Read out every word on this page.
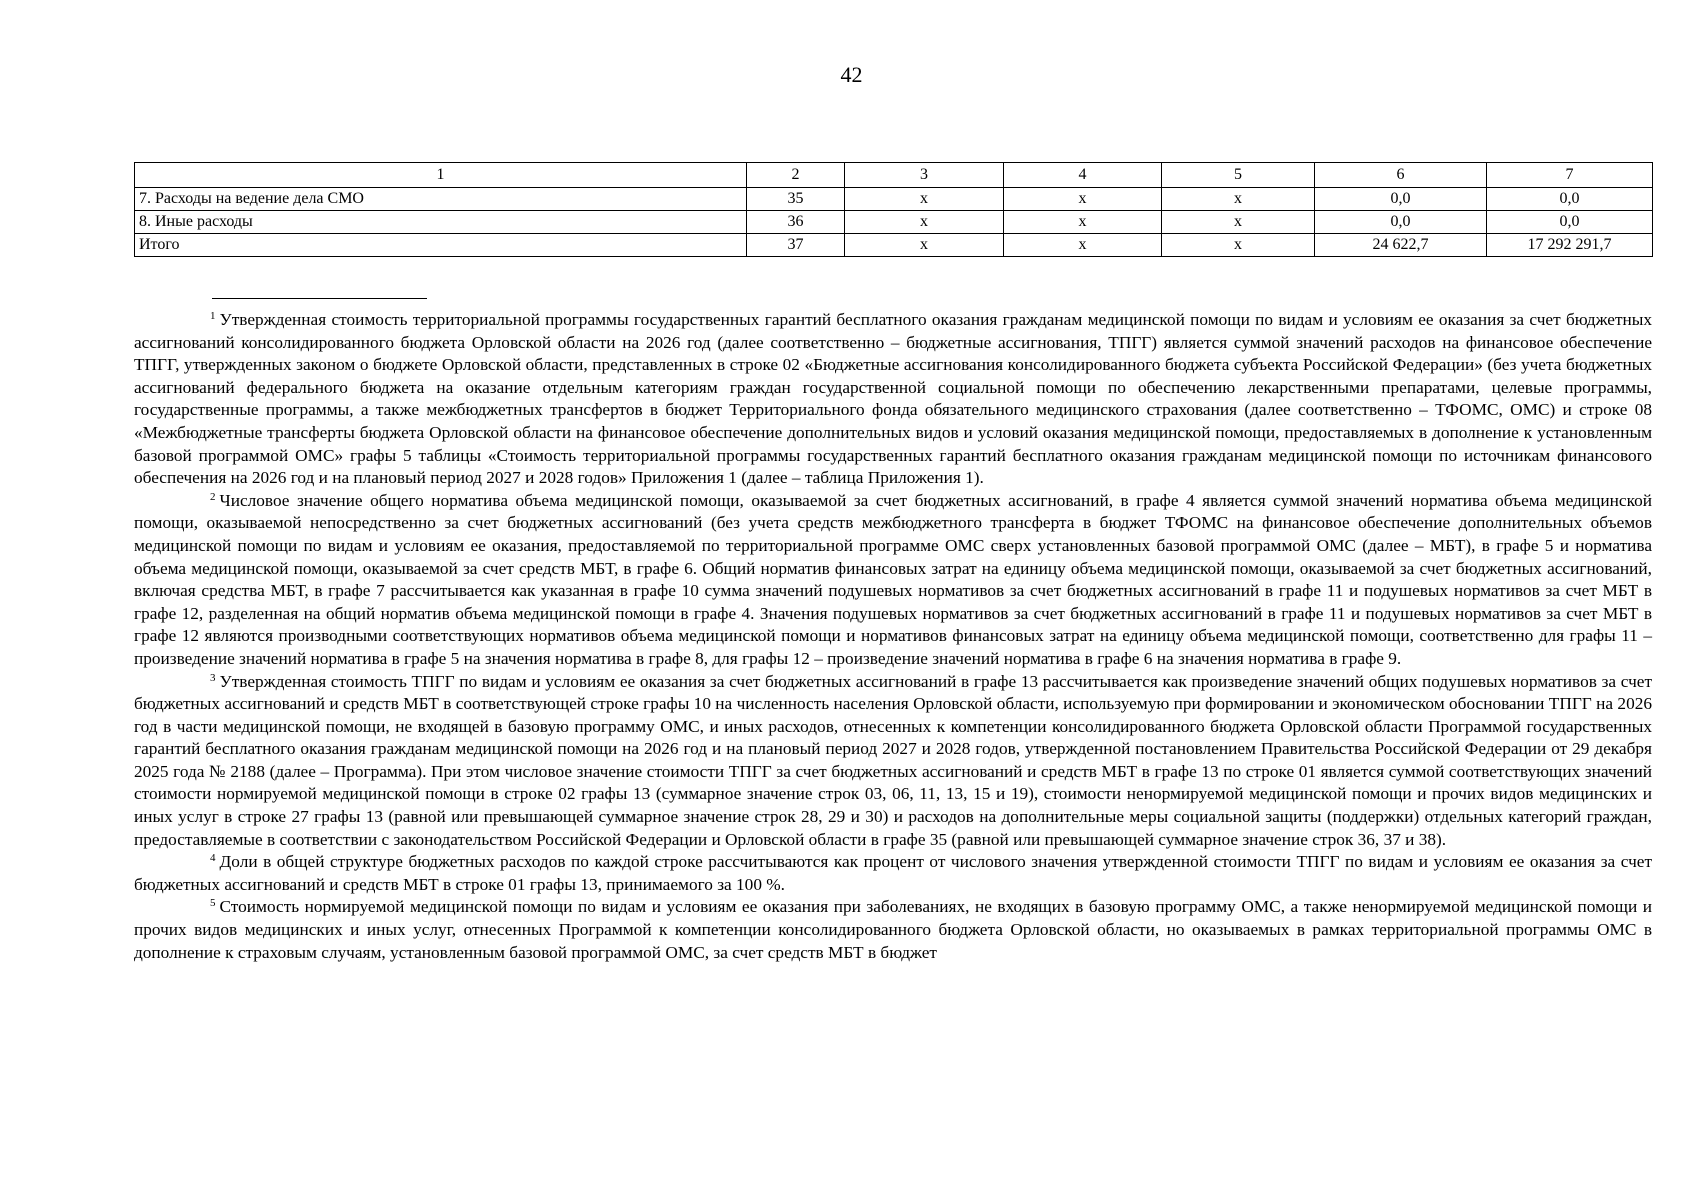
42
1	2	3	4	5	6	7
7. Расходы на ведение дела СМО	35	х	х	х	0,0	0,0
8. Иные расходы	36	х	х	х	0,0	0,0
Итого	37	х	х	х	24 622,7	17 292 291,7

$^1$ Утвержденная стоимость территориальной программы государственных гарантий бесплатного оказания гражданам медицинской помощи по видам и условиям ее оказания за счет бюджетных ассигнований консолидированного бюджета Орловской области на 2026 год (далее соответственно – бюджетные ассигнования, ТПГГ) является суммой значений расходов на финансовое обеспечение ТПГГ, утвержденных законом о бюджете Орловской области, представленных в строке 02 «Бюджетные ассигнования консолидированного бюджета субъекта Российской Федерации» (без учета бюджетных ассигнований федерального бюджета на оказание отдельным категориям граждан государственной социальной помощи по обеспечению лекарственными препаратами, целевые программы, государственные программы, а также межбюджетных трансфертов в бюджет Территориального фонда обязательного медицинского страхования (далее соответственно – ТФОМС, ОМС) и строке 08 «Межбюджетные трансферты бюджета Орловской области на финансовое обеспечение дополнительных видов и условий оказания медицинской помощи, предоставляемых в дополнение к установленным базовой программой ОМС» графы 5 таблицы «Стоимость территориальной программы государственных гарантий бесплатного оказания гражданам медицинской помощи по источникам финансового обеспечения на 2026 год и на плановый период 2027 и 2028 годов» Приложения 1 (далее – таблица Приложения 1).

$^2$ Числовое значение общего норматива объема медицинской помощи, оказываемой за счет бюджетных ассигнований, в графе 4 является суммой значений норматива объема медицинской помощи, оказываемой непосредственно за счет бюджетных ассигнований (без учета средств межбюджетного трансферта в бюджет ТФОМС на финансовое обеспечение дополнительных объемов медицинской помощи по видам и условиям ее оказания, предоставляемой по территориальной программе ОМС сверх установленных базовой программой ОМС (далее – МБТ), в графе 5 и норматива объема медицинской помощи, оказываемой за счет средств МБТ, в графе 6. Общий норматив финансовых затрат на единицу объема медицинской помощи, оказываемой за счет бюджетных ассигнований, включая средства МБТ, в графе 7 рассчитывается как указанная в графе 10 сумма значений подушевых нормативов за счет бюджетных ассигнований в графе 11 и подушевых нормативов за счет МБТ в графе 12, разделенная на общий норматив объема медицинской помощи в графе 4. Значения подушевых нормативов за счет бюджетных ассигнований в графе 11 и подушевых нормативов за счет МБТ в графе 12 являются производными соответствующих нормативов объема медицинской помощи и нормативов финансовых затрат на единицу объема медицинской помощи, соответственно для графы 11 – произведение значений норматива в графе 5 на значения норматива в графе 8, для графы 12 – произведение значений норматива в графе 6 на значения норматива в графе 9.

$^3$ Утвержденная стоимость ТПГГ по видам и условиям ее оказания за счет бюджетных ассигнований в графе 13 рассчитывается как произведение значений общих подушевых нормативов за счет бюджетных ассигнований и средств МБТ в соответствующей строке графы 10 на численность населения Орловской области, используемую при формировании и экономическом обосновании ТПГГ на 2026 год в части медицинской помощи, не входящей в базовую программу ОМС, и иных расходов, отнесенных к компетенции консолидированного бюджета Орловской области Программой государственных гарантий бесплатного оказания гражданам медицинской помощи на 2026 год и на плановый период 2027 и 2028 годов, утвержденной постановлением Правительства Российской Федерации от 29 декабря 2025 года № 2188 (далее – Программа). При этом числовое значение стоимости ТПГГ за счет бюджетных ассигнований и средств МБТ в графе 13 по строке 01 является суммой соответствующих значений стоимости нормируемой медицинской помощи в строке 02 графы 13 (суммарное значение строк 03, 06, 11, 13, 15 и 19), стоимости ненормируемой медицинской помощи и прочих видов медицинских и иных услуг в строке 27 графы 13 (равной или превышающей суммарное значение строк 28, 29 и 30) и расходов на дополнительные меры социальной защиты (поддержки) отдельных категорий граждан, предоставляемые в соответствии с законодательством Российской Федерации и Орловской области в графе 35 (равной или превышающей суммарное значение строк 36, 37 и 38).

$^4$ Доли в общей структуре бюджетных расходов по каждой строке рассчитываются как процент от числового значения утвержденной стоимости ТПГГ по видам и условиям ее оказания за счет бюджетных ассигнований и средств МБТ в строке 01 графы 13, принимаемого за 100 %.

$^5$ Стоимость нормируемой медицинской помощи по видам и условиям ее оказания при заболеваниях, не входящих в базовую программу ОМС, а также ненормируемой медицинской помощи и прочих видов медицинских и иных услуг, отнесенных Программой к компетенции консолидированного бюджета Орловской области, но оказываемых в рамках территориальной программы ОМС в дополнение к страховым случаям, установленным базовой программой ОМС, за счет средств МБТ в бюджет
